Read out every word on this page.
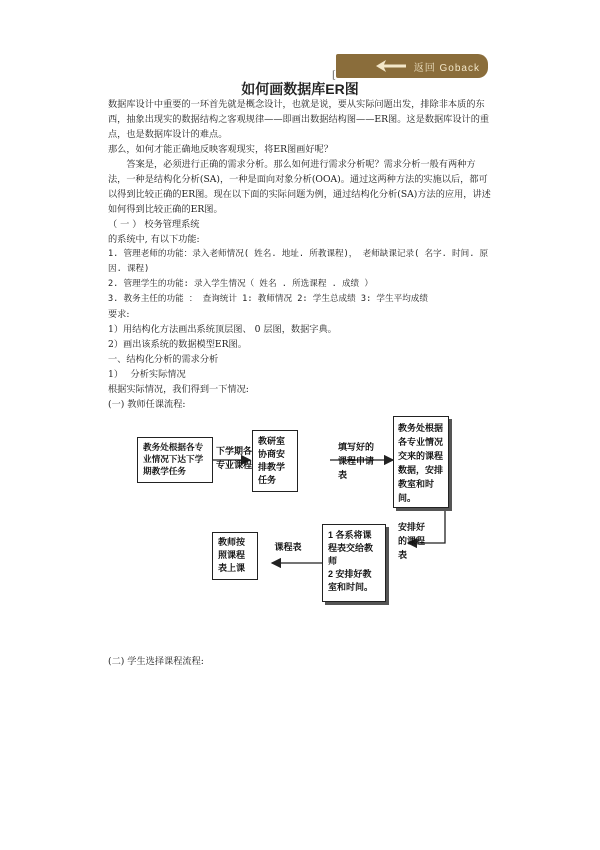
返回 Goback
[
如何画数据库ER图

数据库设计中重要的一环首先就是概念设计，也就是说，要从实际问题出发，排除非本质的东西，抽象出现实的数据结构之客观规律——即画出数据结构图——ER图。这是数据库设计的重点，也是数据库设计的难点。

那么，如何才能正确地反映客观现实，将ER图画好呢？

答案是，必须进行正确的需求分析。那么如何进行需求分析呢？需求分析一般有两种方法，一种是结构化分析(SA)，一种是面向对象分析(OOA)。通过这两种方法的实施以后，都可以得到比较正确的ER图。现在以下面的实际问题为例，通过结构化分析(SA)方法的应用，讲述如何得到比较正确的ER图。

（ 一 ） 校务管理系统

的系统中, 有以下功能:

1. 管理老师的功能：录入老师情况( 姓名. 地址. 所教课程)， 老师缺课记录( 名字. 时间. 原因. 课程)

2. 管理学生的功能: 录入学生情况（ 姓名 . 所选课程 . 成绩 ）

3. 教务主任的功能 ： 查询统计 1: 教师情况 2: 学生总成绩 3: 学生平均成绩

要求:

1）用结构化方法画出系统顶层图、 0 层图，数据字典。

2）画出该系统的数据模型ER图。

一、结构化分析的需求分析

1）　 分析实际情况

根据实际情况，我们得到一下情况:

(一) 教师任课流程:

教务处根据各专业情况下达下学期教学任务
下学期各专业课程
教研室协商安排教学任务
填写好的课程申请表
教务处根据各专业情况交来的课程数据，安排教室和时间。
安排好的课程表
1 各系将课程表交给教师
2 安排好教室和时间。
课程表
教师按照课程表上课
(二) 学生选择课程流程:
